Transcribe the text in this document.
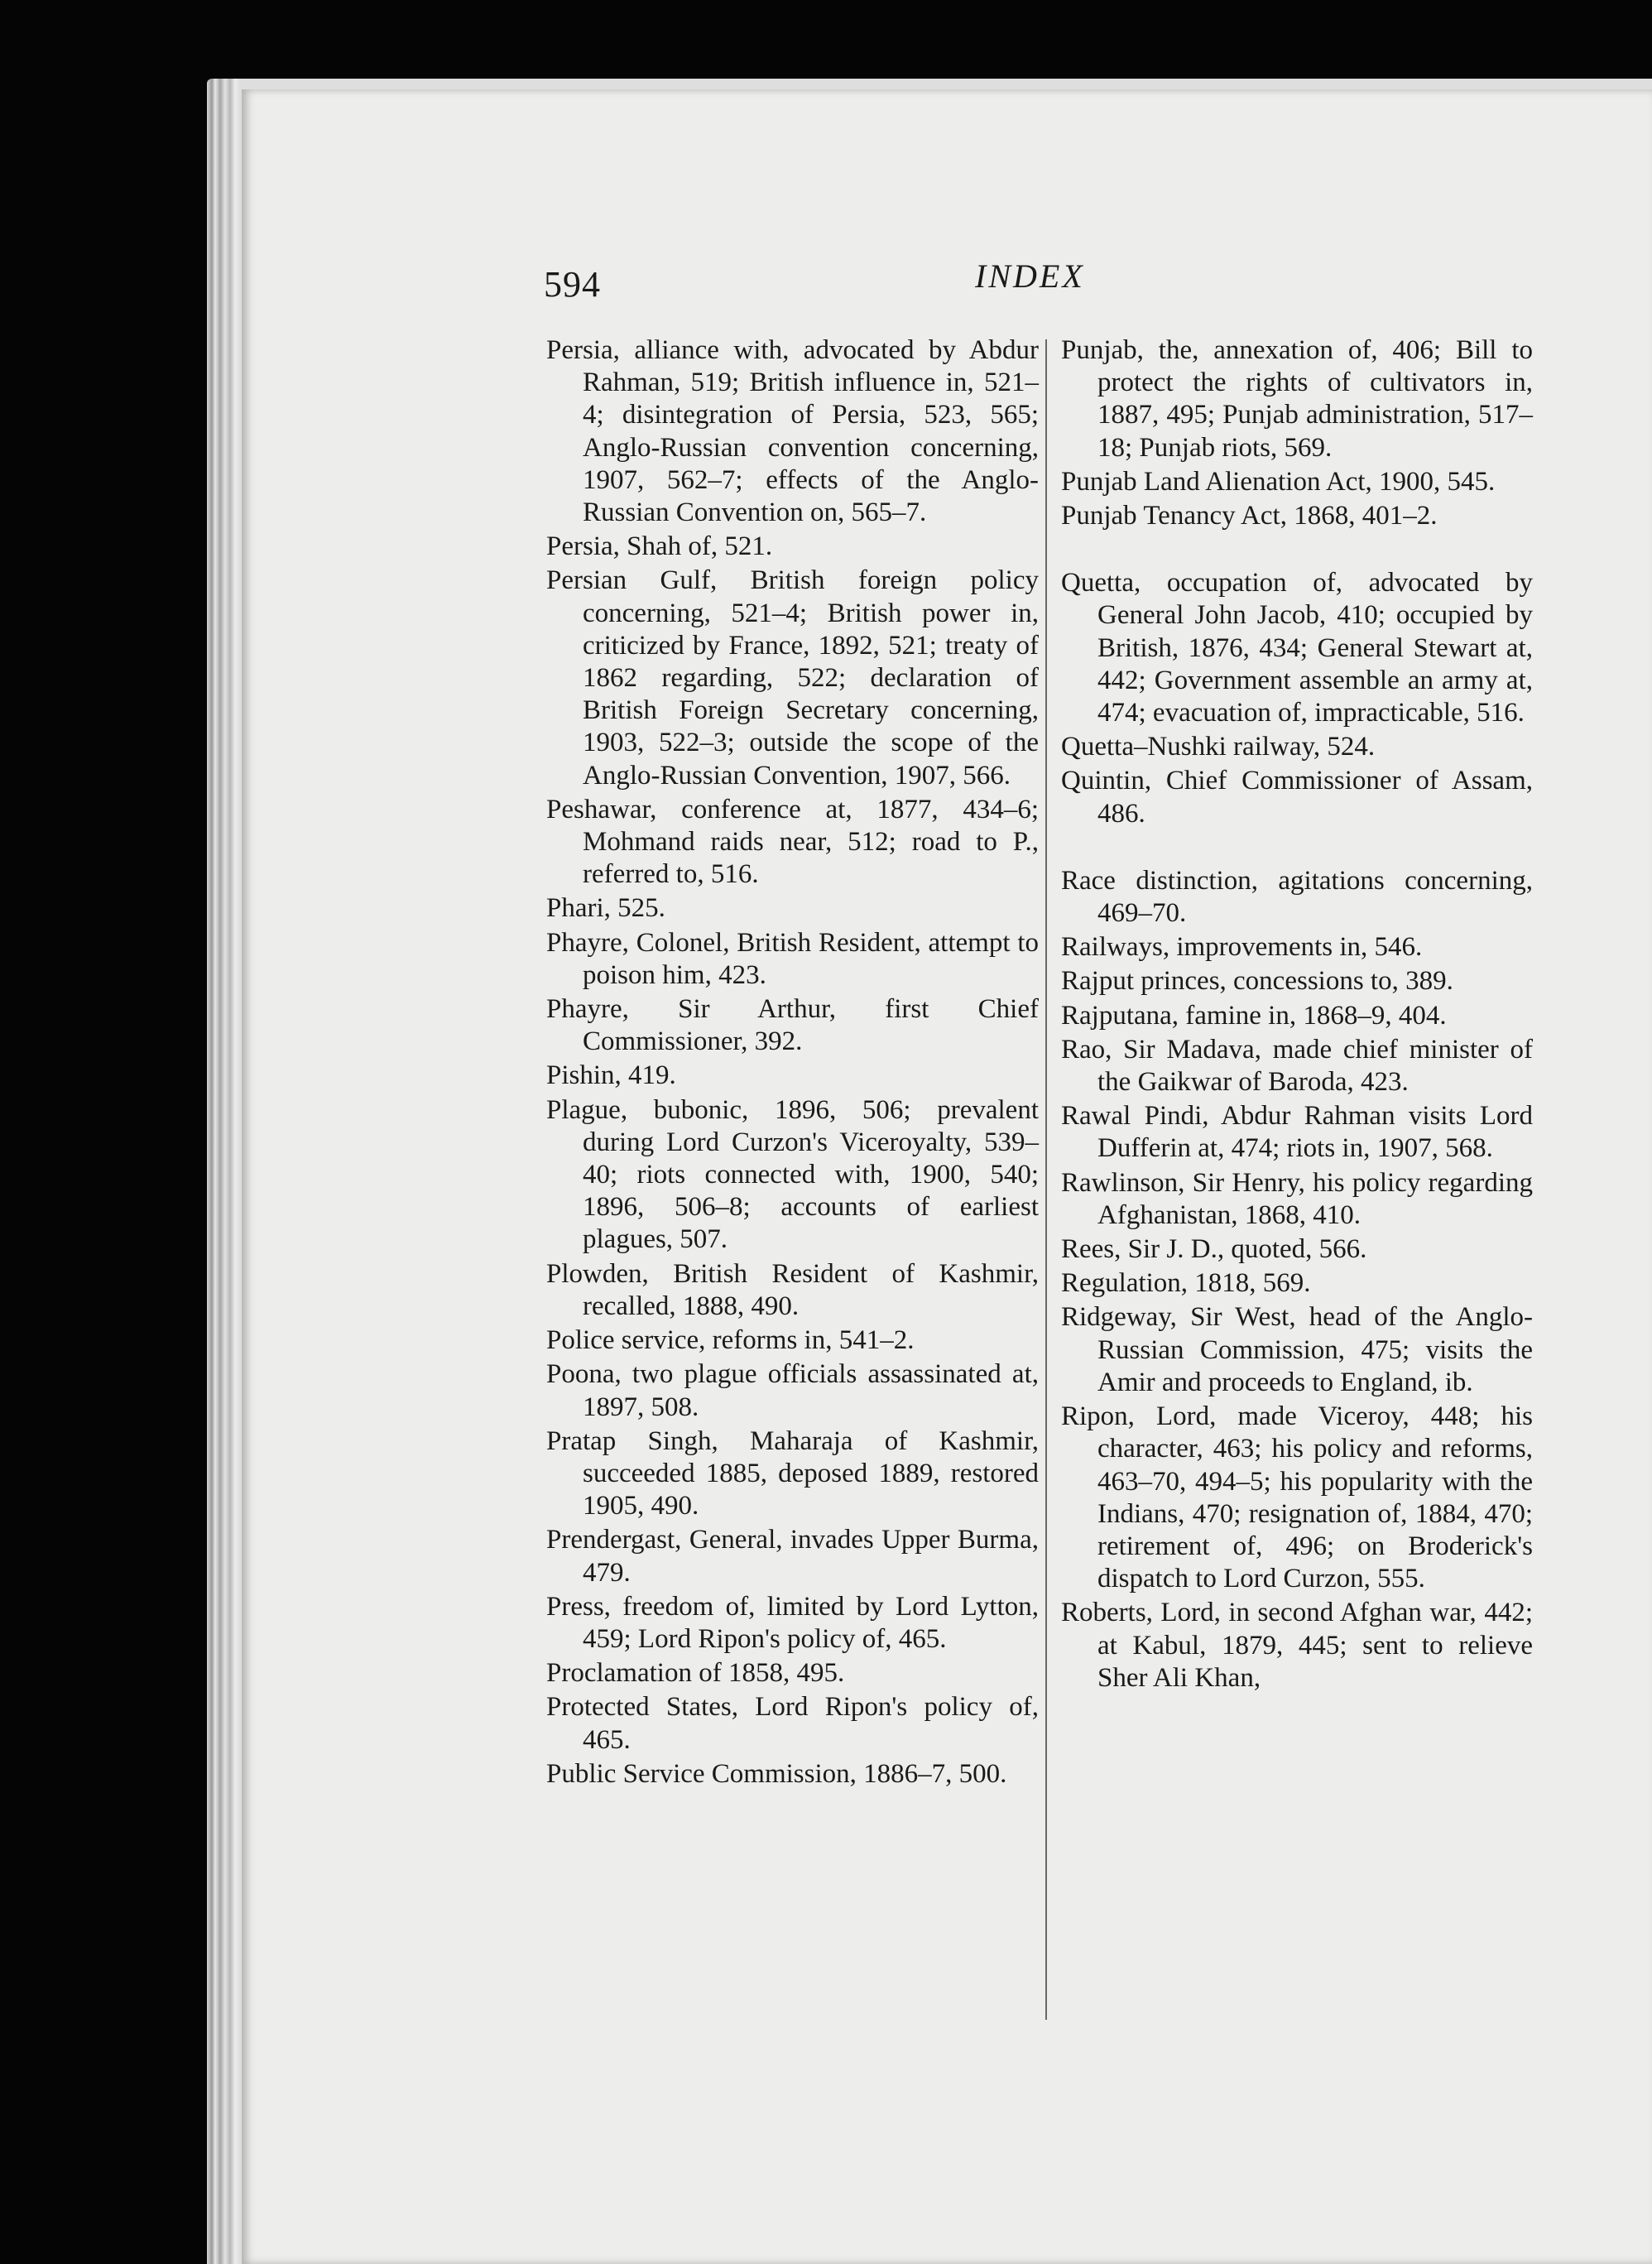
594	INDEX

Persia, alliance with, advocated by Abdur Rahman, 519; British influence in, 521–4; disintegration of Persia, 523, 565; Anglo-Russian convention concerning, 1907, 562–7; effects of the Anglo-Russian Convention on, 565–7.

Persia, Shah of, 521.

Persian Gulf, British foreign policy concerning, 521–4; British power in, criticized by France, 1892, 521; treaty of 1862 regarding, 522; declaration of British Foreign Secretary concerning, 1903, 522–3; outside the scope of the Anglo-Russian Convention, 1907, 566.

Peshawar, conference at, 1877, 434–6; Mohmand raids near, 512; road to P., referred to, 516.

Phari, 525.

Phayre, Colonel, British Resident, attempt to poison him, 423.

Phayre, Sir Arthur, first Chief Commissioner, 392.

Pishin, 419.

Plague, bubonic, 1896, 506; prevalent during Lord Curzon's Viceroyalty, 539–40; riots connected with, 1900, 540; 1896, 506–8; accounts of earliest plagues, 507.

Plowden, British Resident of Kashmir, recalled, 1888, 490.

Police service, reforms in, 541–2.

Poona, two plague officials assassinated at, 1897, 508.

Pratap Singh, Maharaja of Kashmir, succeeded 1885, deposed 1889, restored 1905, 490.

Prendergast, General, invades Upper Burma, 479.

Press, freedom of, limited by Lord Lytton, 459; Lord Ripon's policy of, 465.

Proclamation of 1858, 495.

Protected States, Lord Ripon's policy of, 465.

Public Service Commission, 1886–7, 500.

Punjab, the, annexation of, 406; Bill to protect the rights of cultivators in, 1887, 495; Punjab administration, 517–18; Punjab riots, 569.

Punjab Land Alienation Act, 1900, 545.

Punjab Tenancy Act, 1868, 401–2.

Quetta, occupation of, advocated by General John Jacob, 410; occupied by British, 1876, 434; General Stewart at, 442; Government assemble an army at, 474; evacuation of, impracticable, 516.

Quetta–Nushki railway, 524.

Quintin, Chief Commissioner of Assam, 486.

Race distinction, agitations concerning, 469–70.

Railways, improvements in, 546.

Rajput princes, concessions to, 389.

Rajputana, famine in, 1868–9, 404.

Rao, Sir Madava, made chief minister of the Gaikwar of Baroda, 423.

Rawal Pindi, Abdur Rahman visits Lord Dufferin at, 474; riots in, 1907, 568.

Rawlinson, Sir Henry, his policy regarding Afghanistan, 1868, 410.

Rees, Sir J. D., quoted, 566.

Regulation, 1818, 569.

Ridgeway, Sir West, head of the Anglo-Russian Commission, 475; visits the Amir and proceeds to England, ib.

Ripon, Lord, made Viceroy, 448; his character, 463; his policy and reforms, 463–70, 494–5; his popularity with the Indians, 470; resignation of, 1884, 470; retirement of, 496; on Broderick's dispatch to Lord Curzon, 555.

Roberts, Lord, in second Afghan war, 442; at Kabul, 1879, 445; sent to relieve Sher Ali Khan,
